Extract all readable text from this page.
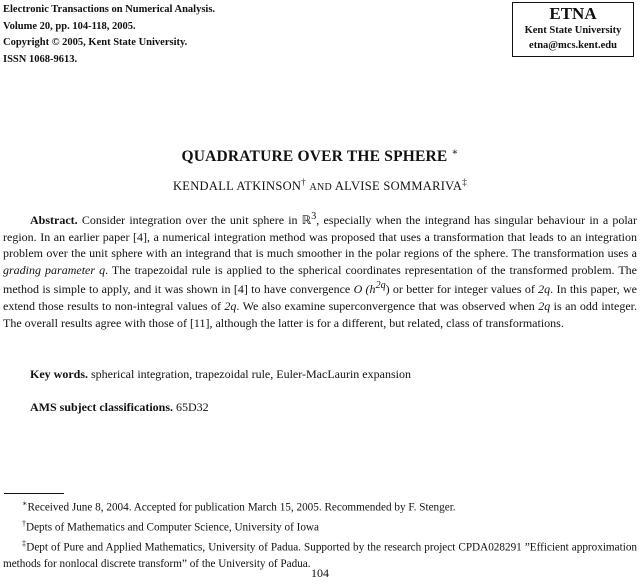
Electronic Transactions on Numerical Analysis.
Volume 20, pp. 104-118, 2005.
Copyright © 2005, Kent State University.
ISSN 1068-9613.
ETNA
Kent State University
etna@mcs.kent.edu
QUADRATURE OVER THE SPHERE ∗
KENDALL ATKINSON† AND ALVISE SOMMARIVA‡
Abstract. Consider integration over the unit sphere in ℝ$^3$, especially when the integrand has singular behaviour in a polar region. In an earlier paper [4], a numerical integration method was proposed that uses a transformation that leads to an integration problem over the unit sphere with an integrand that is much smoother in the polar regions of the sphere. The transformation uses a grading parameter q. The trapezoidal rule is applied to the spherical coordinates representation of the transformed problem. The method is simple to apply, and it was shown in [4] to have convergence O $(h^{2q})$ or better for integer values of 2q. In this paper, we extend those results to non-integral values of 2q. We also examine superconvergence that was observed when 2q is an odd integer. The overall results agree with those of [11], although the latter is for a different, but related, class of transformations.
Key words. spherical integration, trapezoidal rule, Euler-MacLaurin expansion
AMS subject classifications. 65D32
∗Received June 8, 2004. Accepted for publication March 15, 2005. Recommended by F. Stenger.
†Depts of Mathematics and Computer Science, University of Iowa
‡Dept of Pure and Applied Mathematics, University of Padua. Supported by the research project CPDA028291 ”Efficient approximation methods for nonlocal discrete transform” of the University of Padua.
104
